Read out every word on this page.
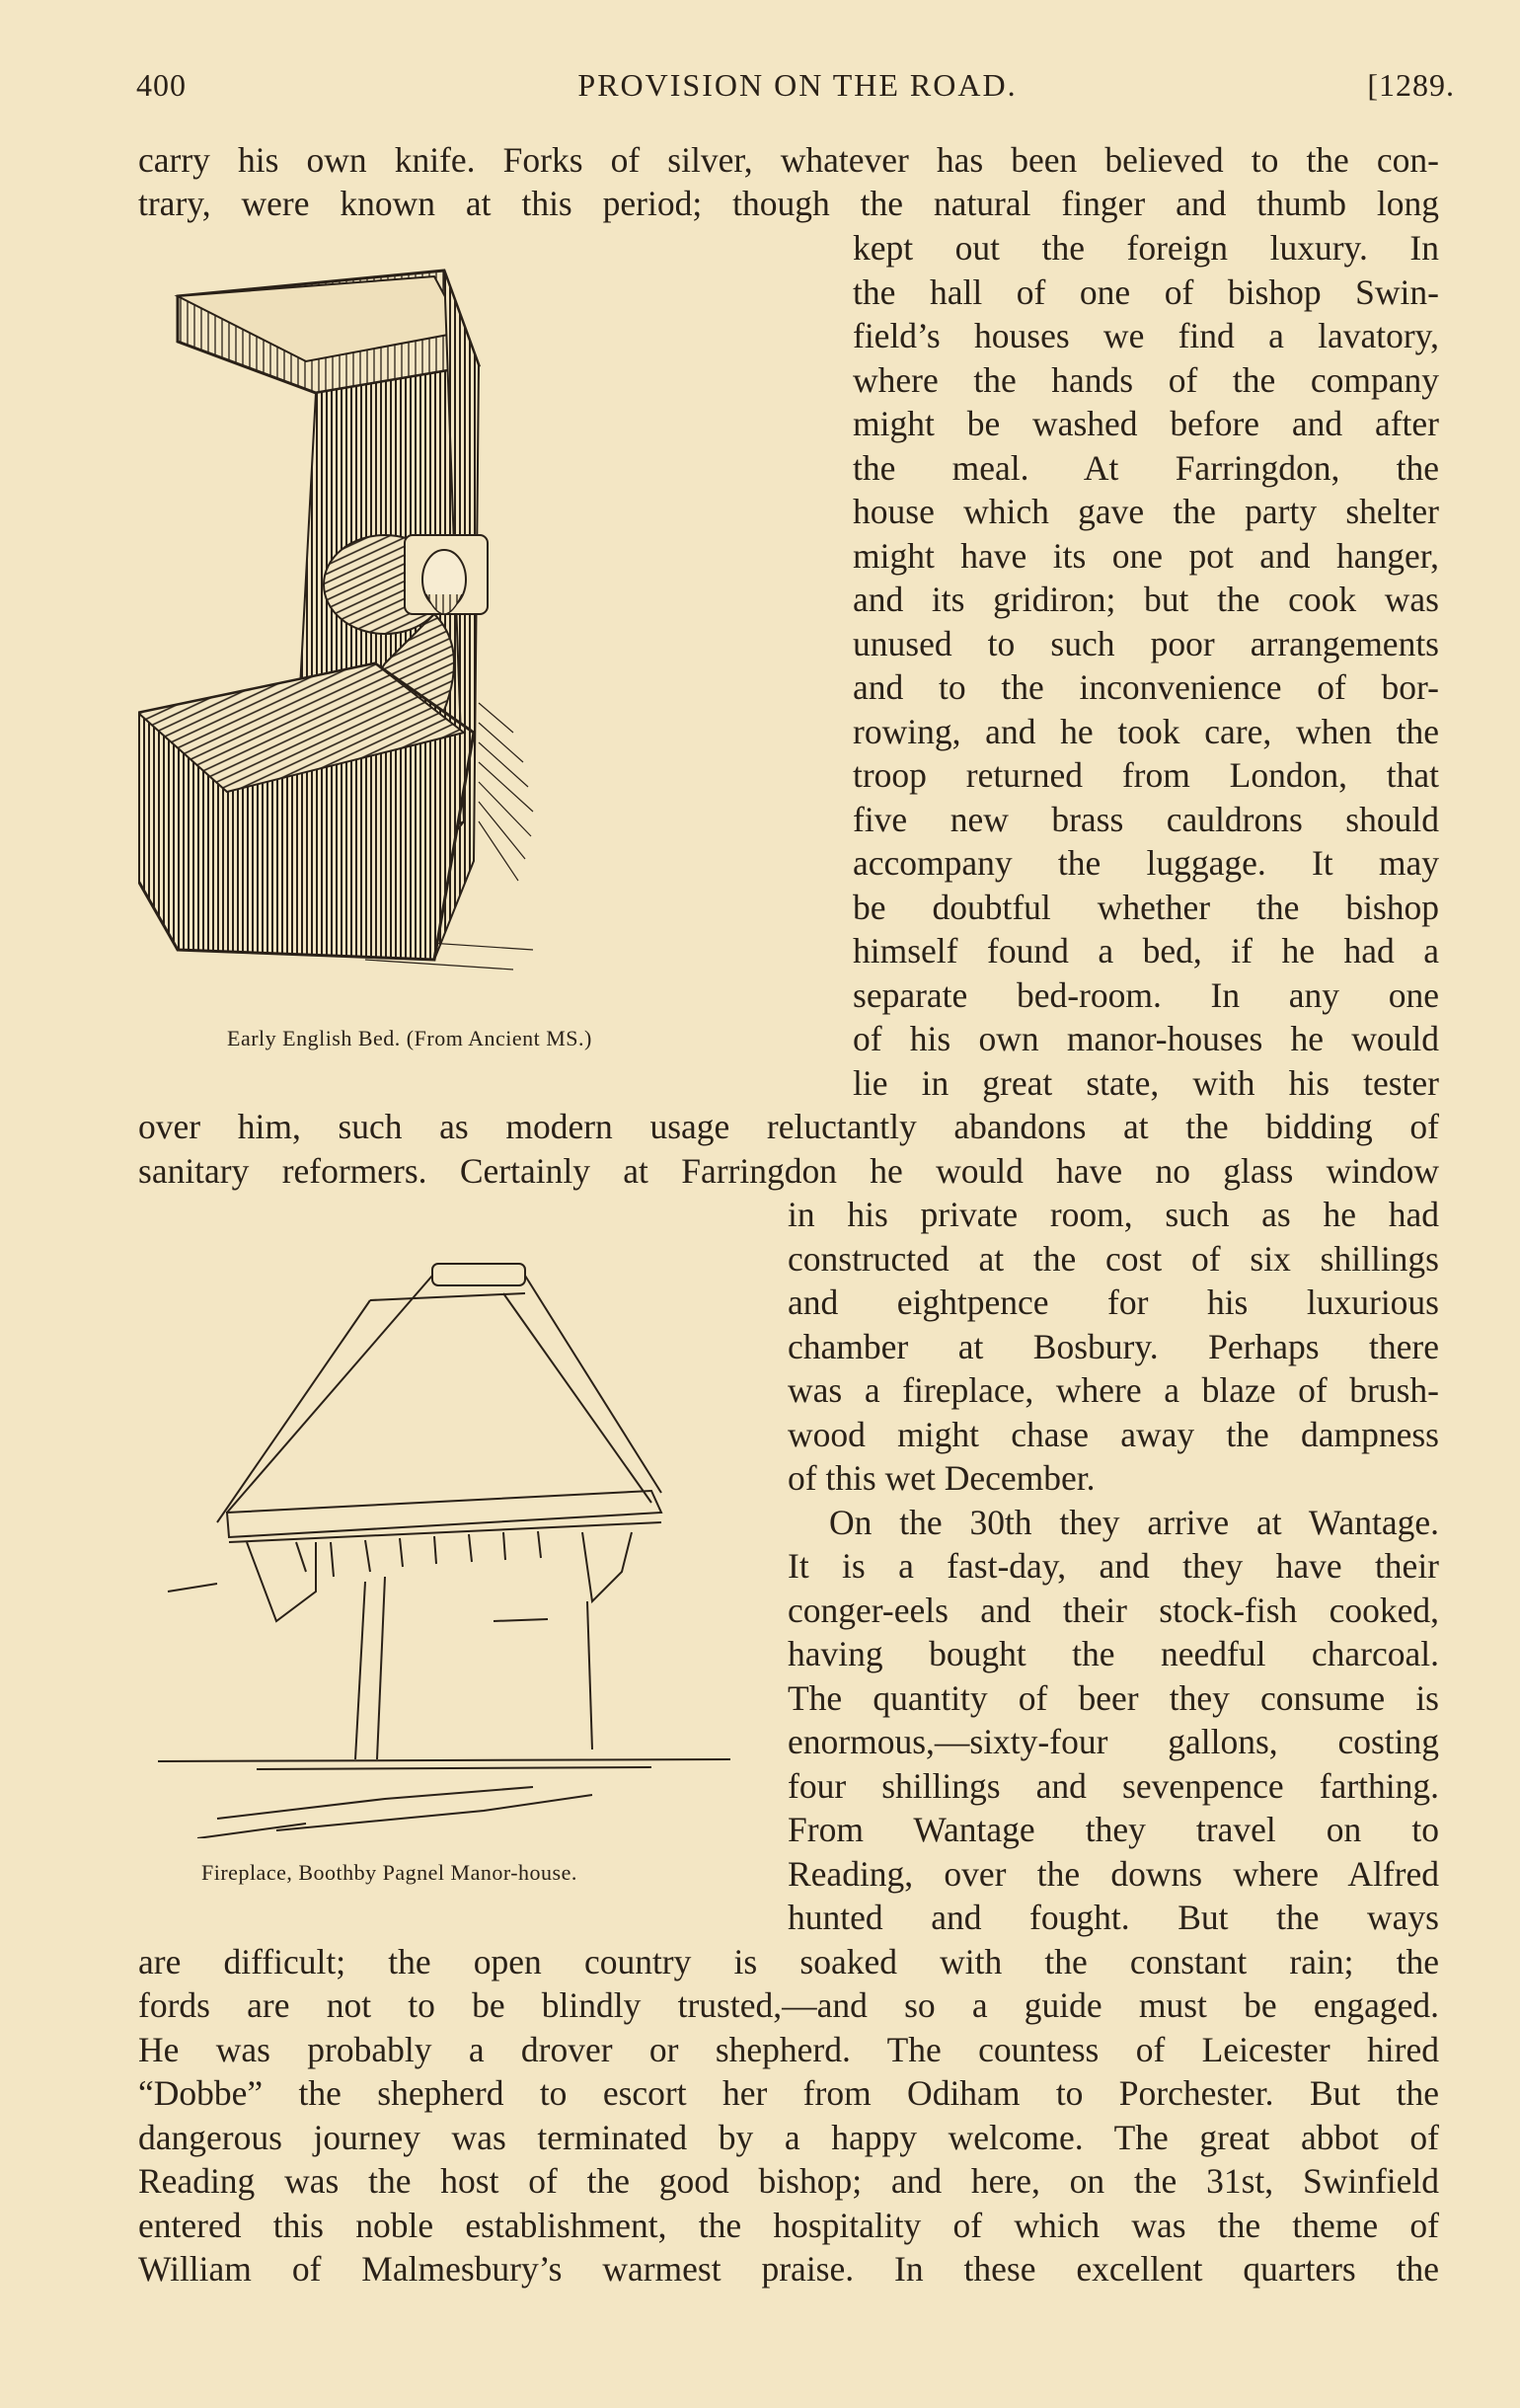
400	PROVISION ON THE ROAD.	[1289.
carry his own knife. Forks of silver, whatever has been believed to the con-
trary, were known at this period; though the natural finger and thumb long
kept out the foreign luxury. In
the hall of one of bishop Swin-
field’s houses we find a lavatory,
where the hands of the company
might be washed before and after
the meal. At Farringdon, the
house which gave the party shelter
might have its one pot and hanger,
and its gridiron; but the cook was
unused to such poor arrangements
and to the inconvenience of bor-
rowing, and he took care, when the
troop returned from London, that
five new brass cauldrons should
accompany the luggage. It may
be doubtful whether the bishop
himself found a bed, if he had a
separate bed-room. In any one
of his own manor-houses he would
lie in great state, with his tester
over him, such as modern usage reluctantly abandons at the bidding of
sanitary reformers. Certainly at Farringdon he would have no glass window
in his private room, such as he had
constructed at the cost of six shillings
and eightpence for his luxurious
chamber at Bosbury. Perhaps there
was a fireplace, where a blaze of brush-
wood might chase away the dampness
of this wet December.
On the 30th they arrive at Wantage.
It is a fast-day, and they have their
conger-eels and their stock-fish cooked,
having bought the needful charcoal.
The quantity of beer they consume is
enormous,—sixty-four gallons, costing
four shillings and sevenpence farthing.
From Wantage they travel on to
Reading, over the downs where Alfred
hunted and fought. But the ways
are difficult; the open country is soaked with the constant rain; the
fords are not to be blindly trusted,—and so a guide must be engaged.
He was probably a drover or shepherd. The countess of Leicester hired
“Dobbe” the shepherd to escort her from Odiham to Porchester. But the
dangerous journey was terminated by a happy welcome. The great abbot of
Reading was the host of the good bishop; and here, on the 31st, Swinfield
entered this noble establishment, the hospitality of which was the theme of
William of Malmesbury’s warmest praise. In these excellent quarters the
Early English Bed. (From Ancient MS.)
Fireplace, Boothby Pagnel Manor-house.
